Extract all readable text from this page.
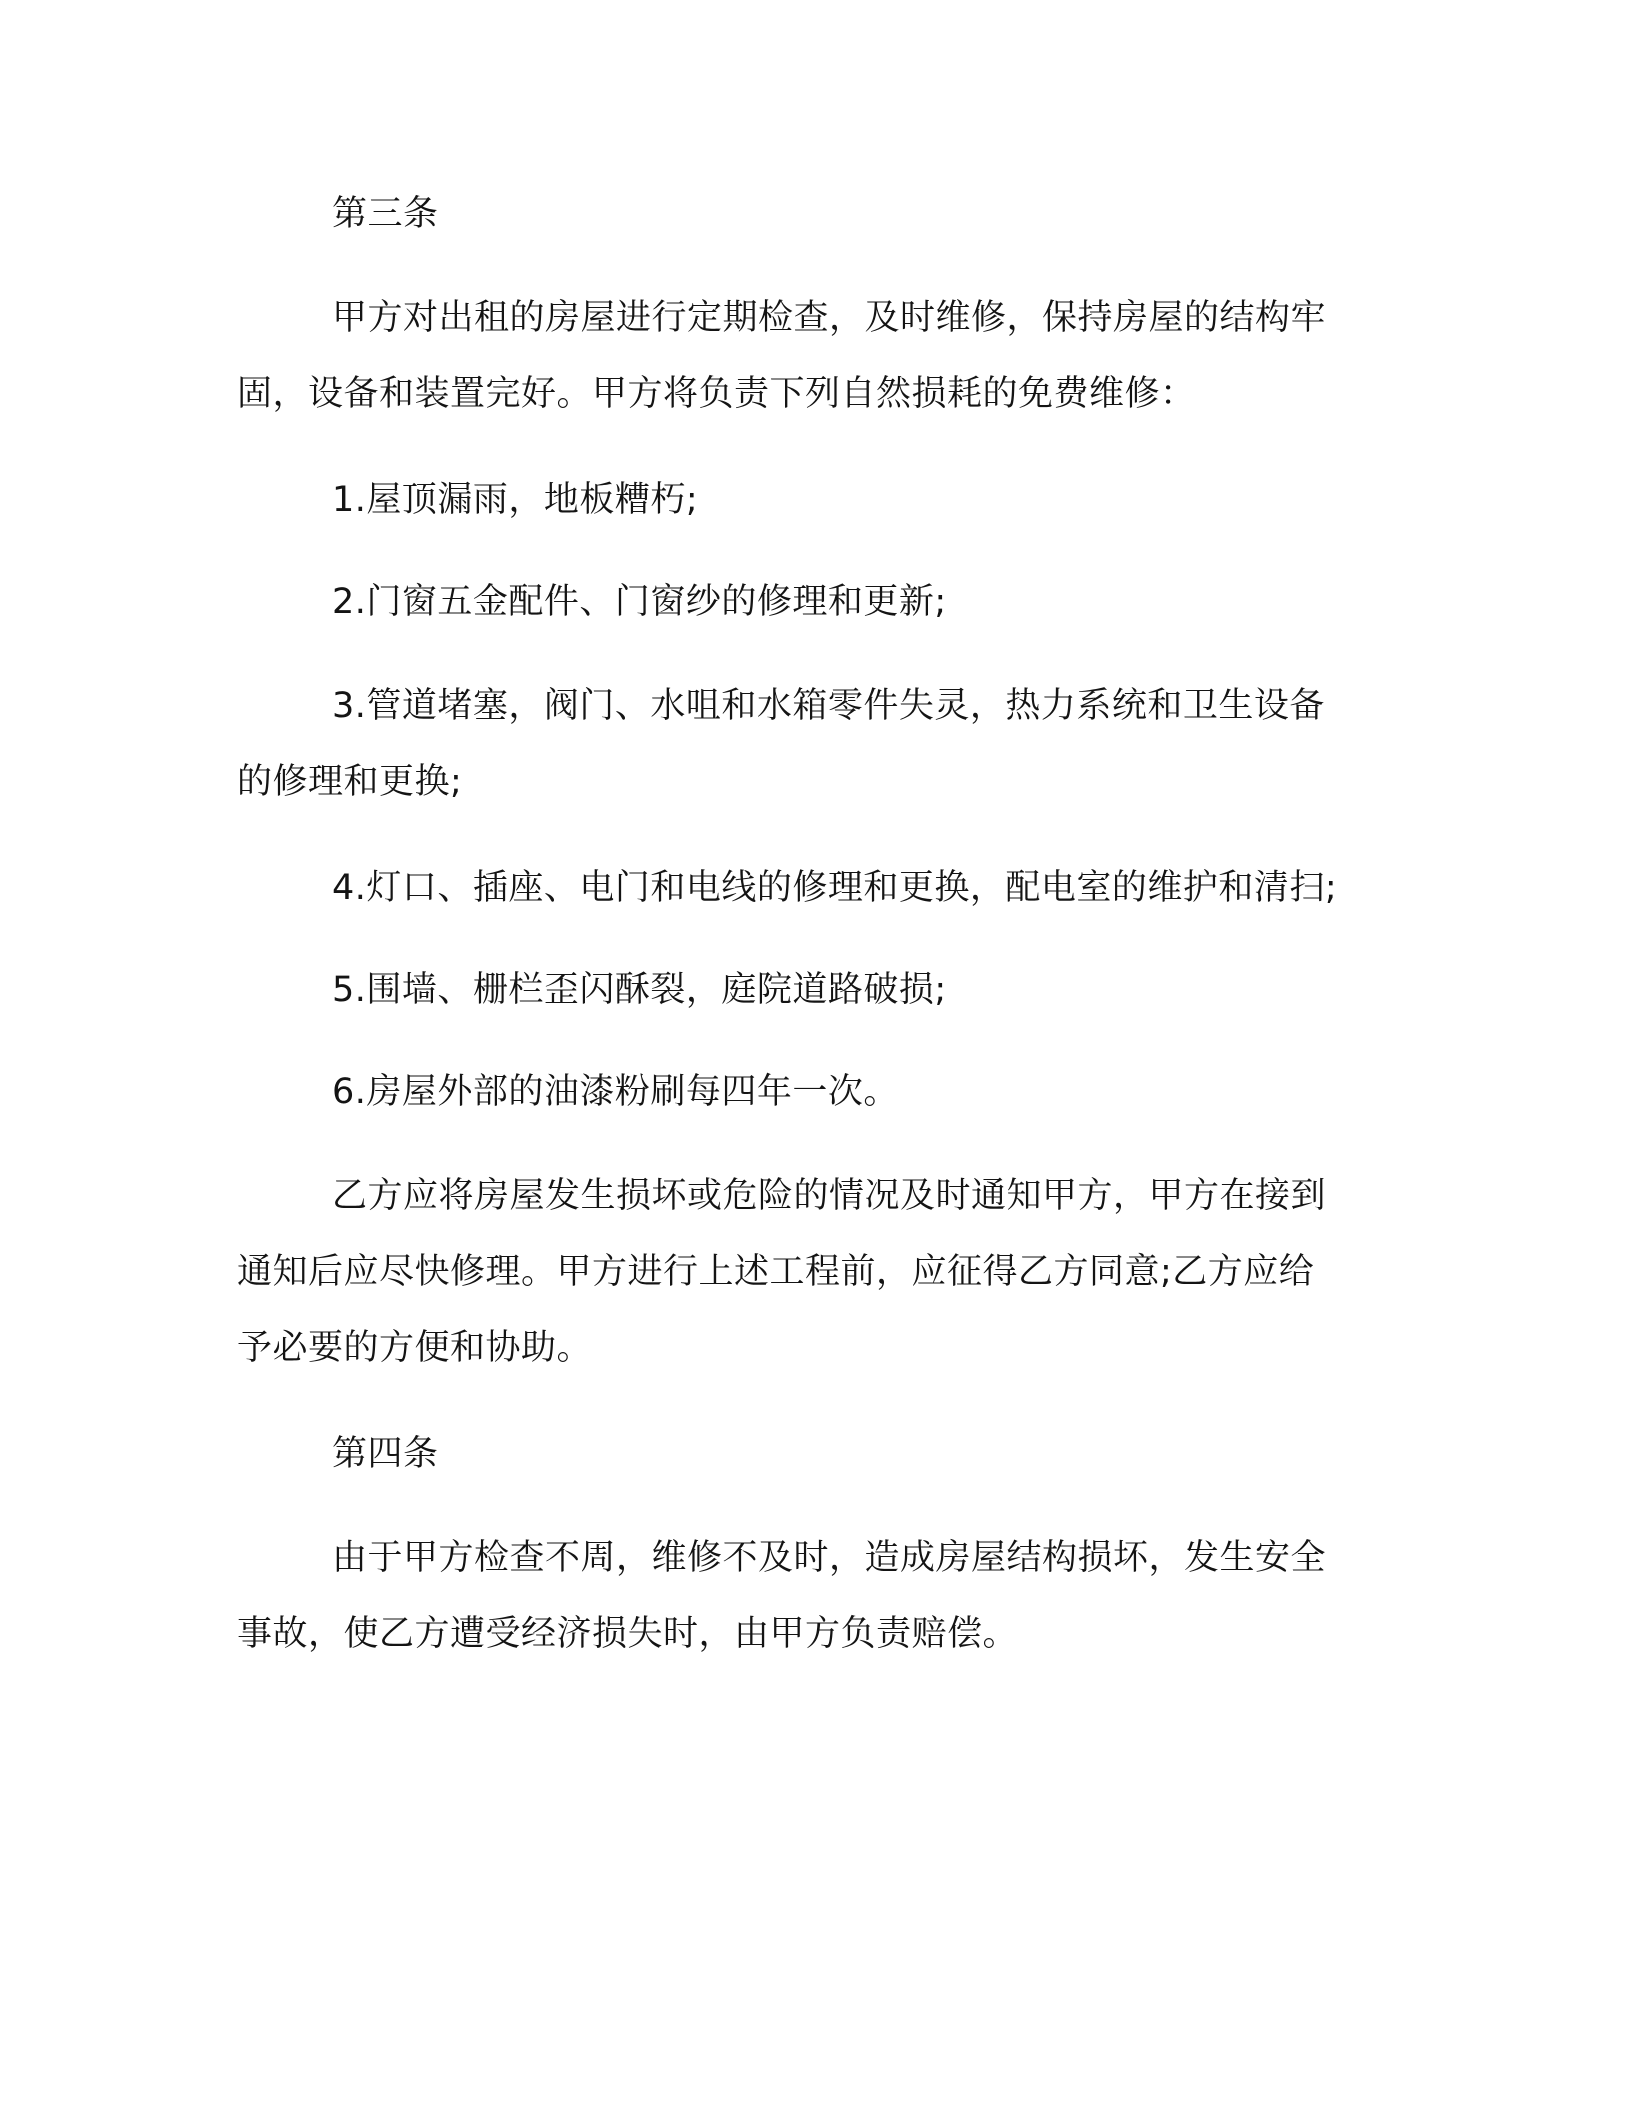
第三条

甲方对出租的房屋进行定期检查，及时维修，保持房屋的结构牢

固，设备和装置完好。甲方将负责下列自然损耗的免费维修：

1.屋顶漏雨，地板糟朽;

2.门窗五金配件、门窗纱的修理和更新;

3.管道堵塞，阀门、水咀和水箱零件失灵，热力系统和卫生设备

的修理和更换;

4.灯口、插座、电门和电线的修理和更换，配电室的维护和清扫;

5.围墙、栅栏歪闪酥裂，庭院道路破损;

6.房屋外部的油漆粉刷每四年一次。

乙方应将房屋发生损坏或危险的情况及时通知甲方，甲方在接到

通知后应尽快修理。甲方进行上述工程前，应征得乙方同意;乙方应给

予必要的方便和协助。

第四条

由于甲方检查不周，维修不及时，造成房屋结构损坏，发生安全

事故，使乙方遭受经济损失时，由甲方负责赔偿。
